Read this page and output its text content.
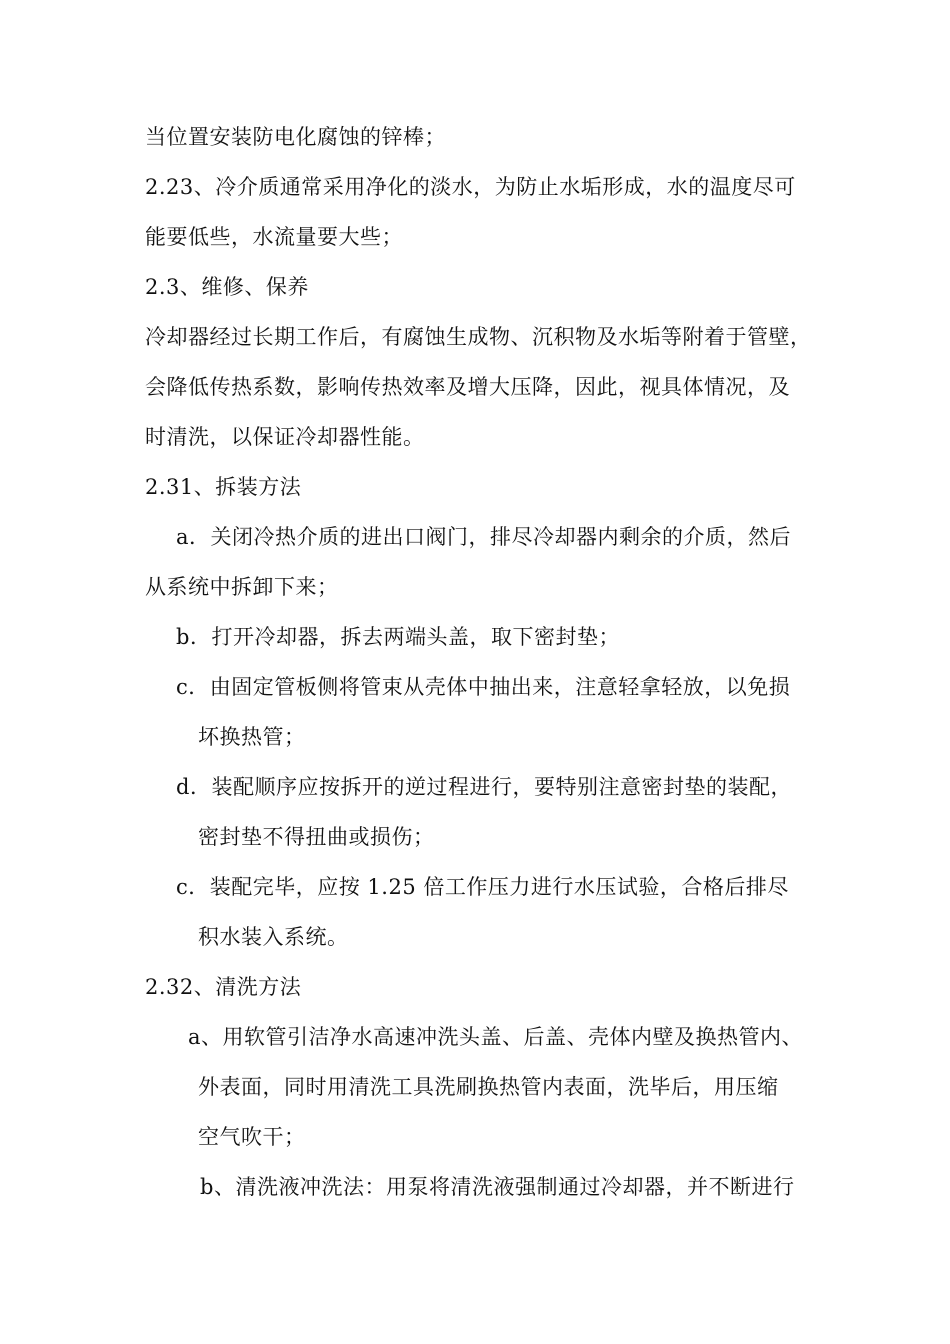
当位置安装防电化腐蚀的锌棒；
2.23、冷介质通常采用净化的淡水，为防止水垢形成，水的温度尽可
能要低些，水流量要大些；
2.3、维修、保养
冷却器经过长期工作后，有腐蚀生成物、沉积物及水垢等附着于管壁，
会降低传热系数，影响传热效率及增大压降，因此，视具体情况，及
时清洗，以保证冷却器性能。
2.31、拆装方法
a．关闭冷热介质的进出口阀门，排尽冷却器内剩余的介质，然后
从系统中拆卸下来；
b．打开冷却器，拆去两端头盖，取下密封垫；
c．由固定管板侧将管束从壳体中抽出来，注意轻拿轻放，以免损
坏换热管；
d．装配顺序应按拆开的逆过程进行，要特别注意密封垫的装配，
密封垫不得扭曲或损伤；
c．装配完毕，应按 1.25 倍工作压力进行水压试验，合格后排尽
积水装入系统。
2.32、清洗方法
a、用软管引洁净水高速冲洗头盖、后盖、壳体内壁及换热管内、
外表面，同时用清洗工具洗刷换热管内表面，洗毕后，用压缩
空气吹干；
b、清洗液冲洗法：用泵将清洗液强制通过冷却器，并不断进行
